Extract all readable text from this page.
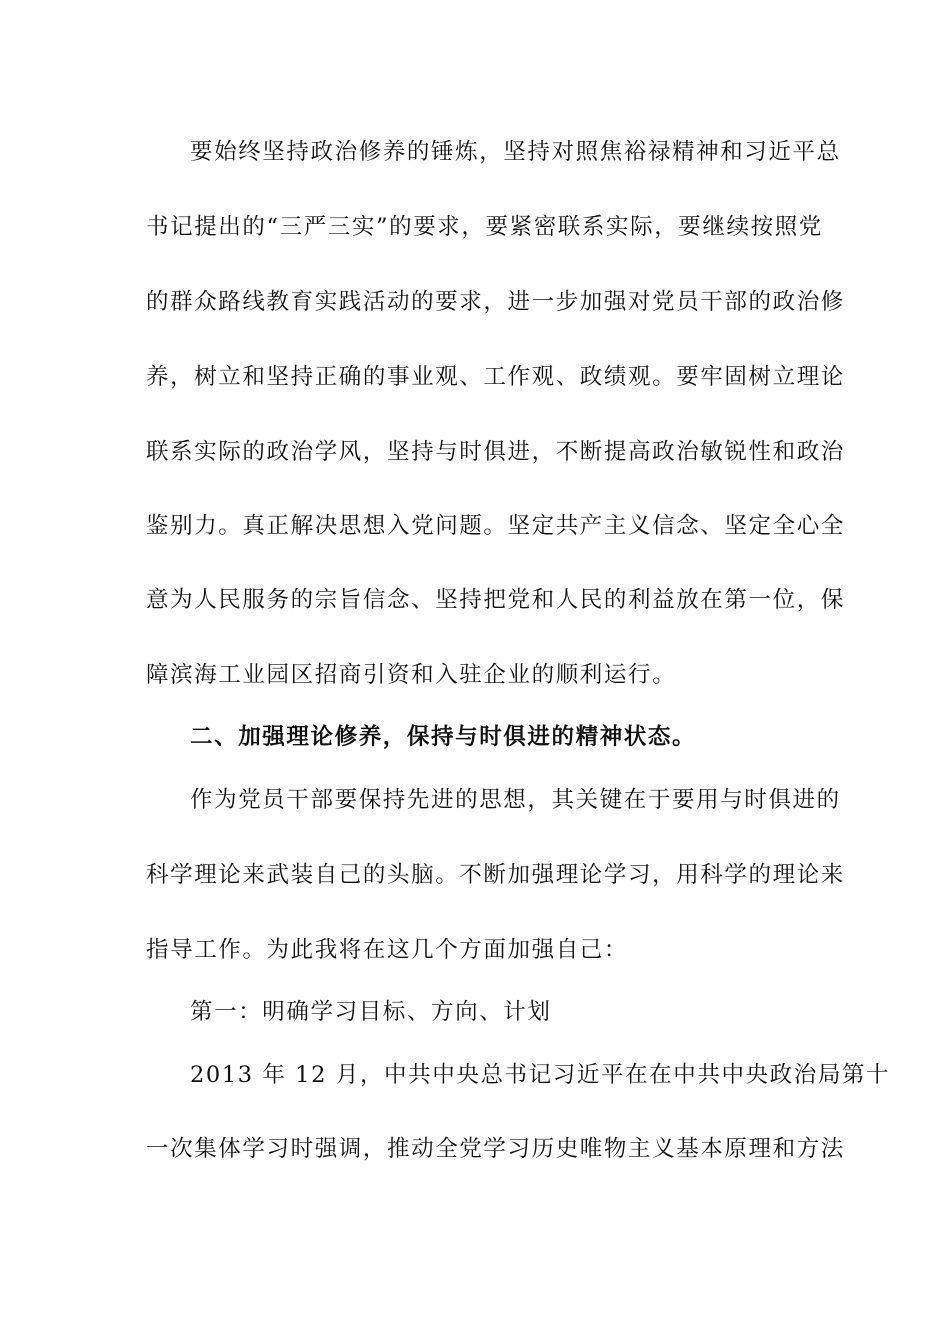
要始终坚持政治修养的锤炼，坚持对照焦裕禄精神和习近平总
书记提出的“三严三实”的要求，要紧密联系实际，要继续按照党
的群众路线教育实践活动的要求，进一步加强对党员干部的政治修
养，树立和坚持正确的事业观、工作观、政绩观。要牢固树立理论
联系实际的政治学风，坚持与时俱进，不断提高政治敏锐性和政治
鉴别力。真正解决思想入党问题。坚定共产主义信念、坚定全心全
意为人民服务的宗旨信念、坚持把党和人民的利益放在第一位，保
障滨海工业园区招商引资和入驻企业的顺利运行。
二、加强理论修养，保持与时俱进的精神状态。
作为党员干部要保持先进的思想，其关键在于要用与时俱进的
科学理论来武装自己的头脑。不断加强理论学习，用科学的理论来
指导工作。为此我将在这几个方面加强自己：
第一：明确学习目标、方向、计划
2013 年 12 月，中共中央总书记习近平在在中共中央政治局第十
一次集体学习时强调，推动全党学习历史唯物主义基本原理和方法
